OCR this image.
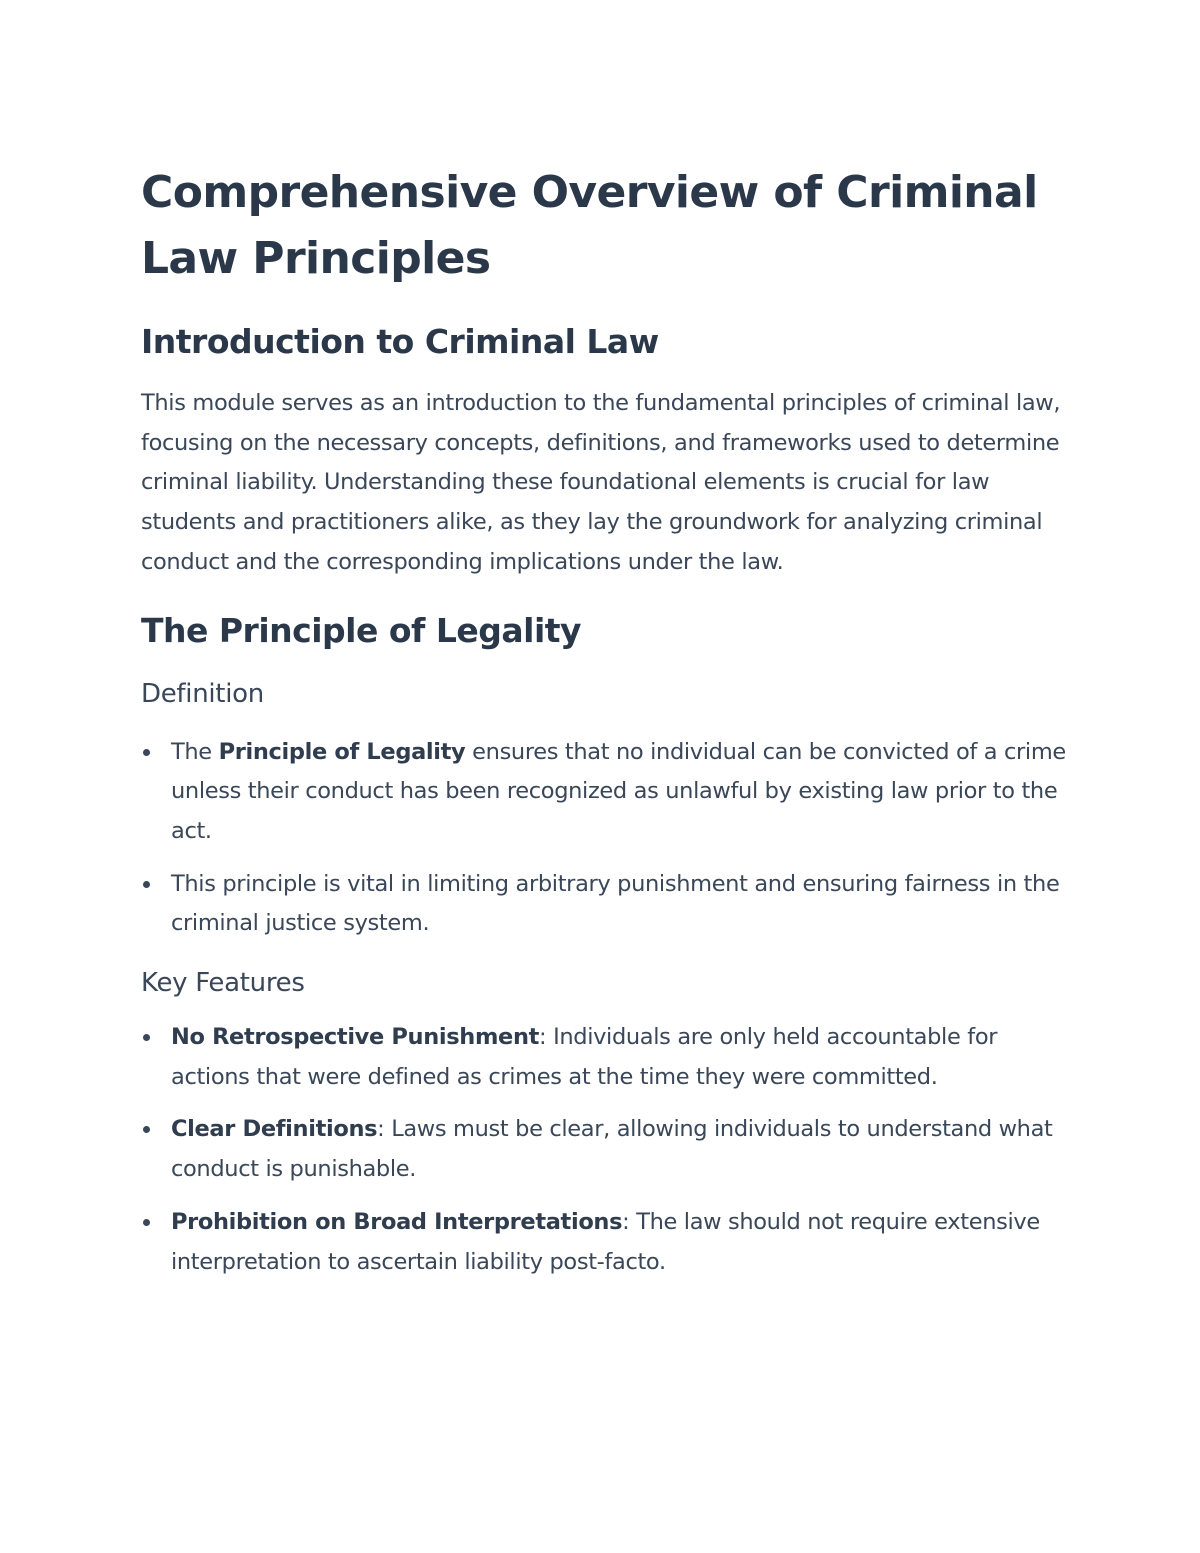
Comprehensive Overview of Criminal Law Principles
Introduction to Criminal Law

This module serves as an introduction to the fundamental principles of criminal law, focusing on the necessary concepts, definitions, and frameworks used to determine criminal liability. Understanding these foundational elements is crucial for law students and practitioners alike, as they lay the groundwork for analyzing criminal conduct and the corresponding implications under the law.

The Principle of Legality
Definition
The Principle of Legality ensures that no individual can be convicted of a crime unless their conduct has been recognized as unlawful by existing law prior to the act.
This principle is vital in limiting arbitrary punishment and ensuring fairness in the criminal justice system.
Key Features
No Retrospective Punishment: Individuals are only held accountable for actions that were defined as crimes at the time they were committed.
Clear Definitions: Laws must be clear, allowing individuals to understand what conduct is punishable.
Prohibition on Broad Interpretations: The law should not require extensive interpretation to ascertain liability post-facto.
